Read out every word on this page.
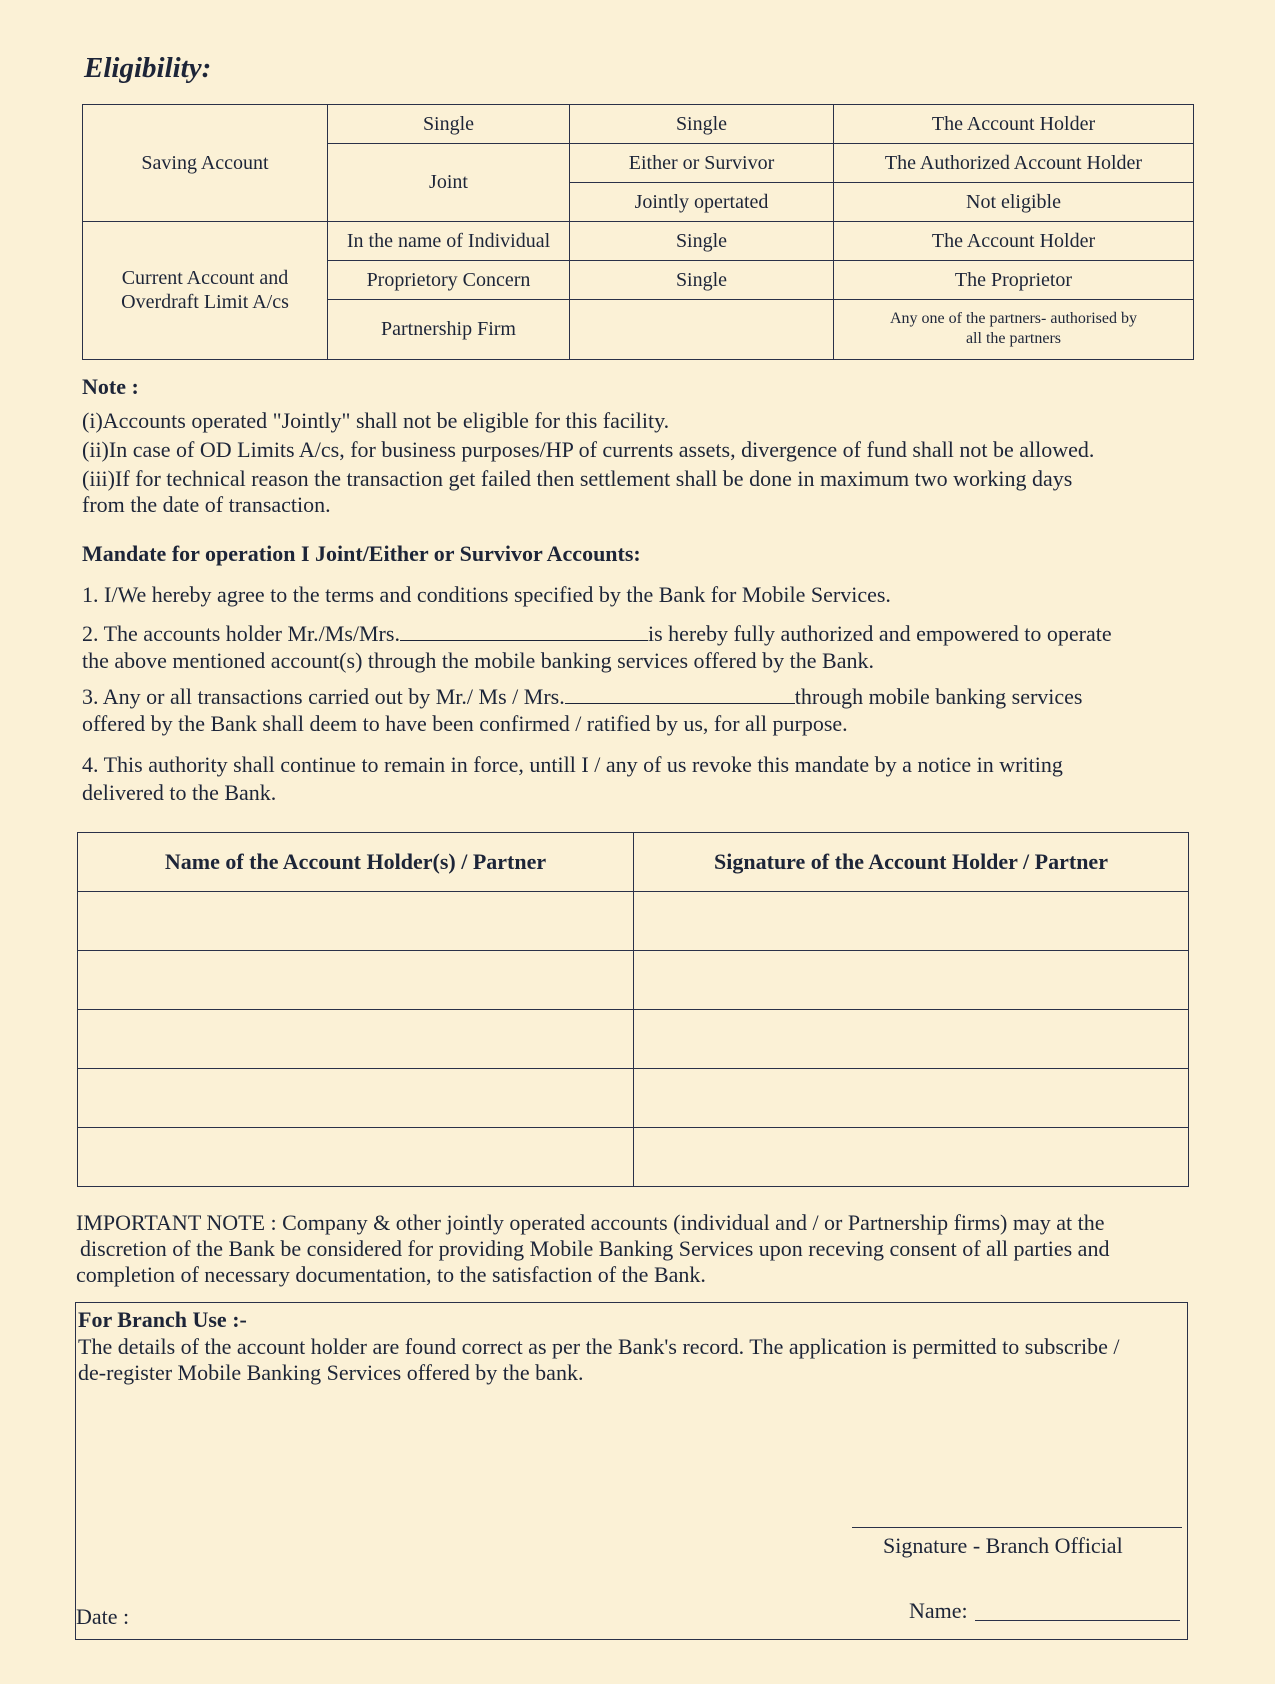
Eligibility:
Saving Account	Single	Single	The Account Holder
	Joint	Either or Survivor	The Authorized Account Holder
		Jointly opertated	Not eligible
Current Account and
Overdraft Limit A/cs	In the name of Individual	Single	The Account Holder
	Proprietory Concern	Single	The Proprietor
	Partnership Firm		Any one of the partners- authorised by
all the partners
Note :
(i)Accounts operated "Jointly" shall not be eligible for this facility.
(ii)In case of OD Limits A/cs, for business purposes/HP of currents assets, divergence of fund shall not be allowed.
(iii)If for technical reason the transaction get failed then settlement shall be done in maximum two working days
from the date of transaction.
Mandate for operation I Joint/Either or Survivor Accounts:
1. I/We hereby agree to the terms and conditions specified by the Bank for Mobile Services.
2. The accounts holder Mr./Ms/Mrs.	is hereby fully authorized and empowered to operate
the above mentioned account(s) through the mobile banking services offered by the Bank.
3. Any or all transactions carried out by Mr./ Ms / Mrs.	through mobile banking services
offered by the Bank shall deem to have been confirmed / ratified by us, for all purpose.
4. This authority shall continue to remain in force, untill I / any of us revoke this mandate by a notice in writing
delivered to the Bank.
Name of the Account Holder(s) / Partner	Signature of the Account Holder / Partner

IMPORTANT NOTE : Company & other jointly operated accounts (individual and / or Partnership firms) may at the
discretion of the Bank be considered for providing Mobile Banking Services upon receving consent of all parties and
completion of necessary documentation, to the satisfaction of the Bank.
For Branch Use :-
The details of the account holder are found correct as per the Bank's record. The application is permitted to subscribe /
de-register Mobile Banking Services offered by the bank.
Signature - Branch Official
Name:
Date :
